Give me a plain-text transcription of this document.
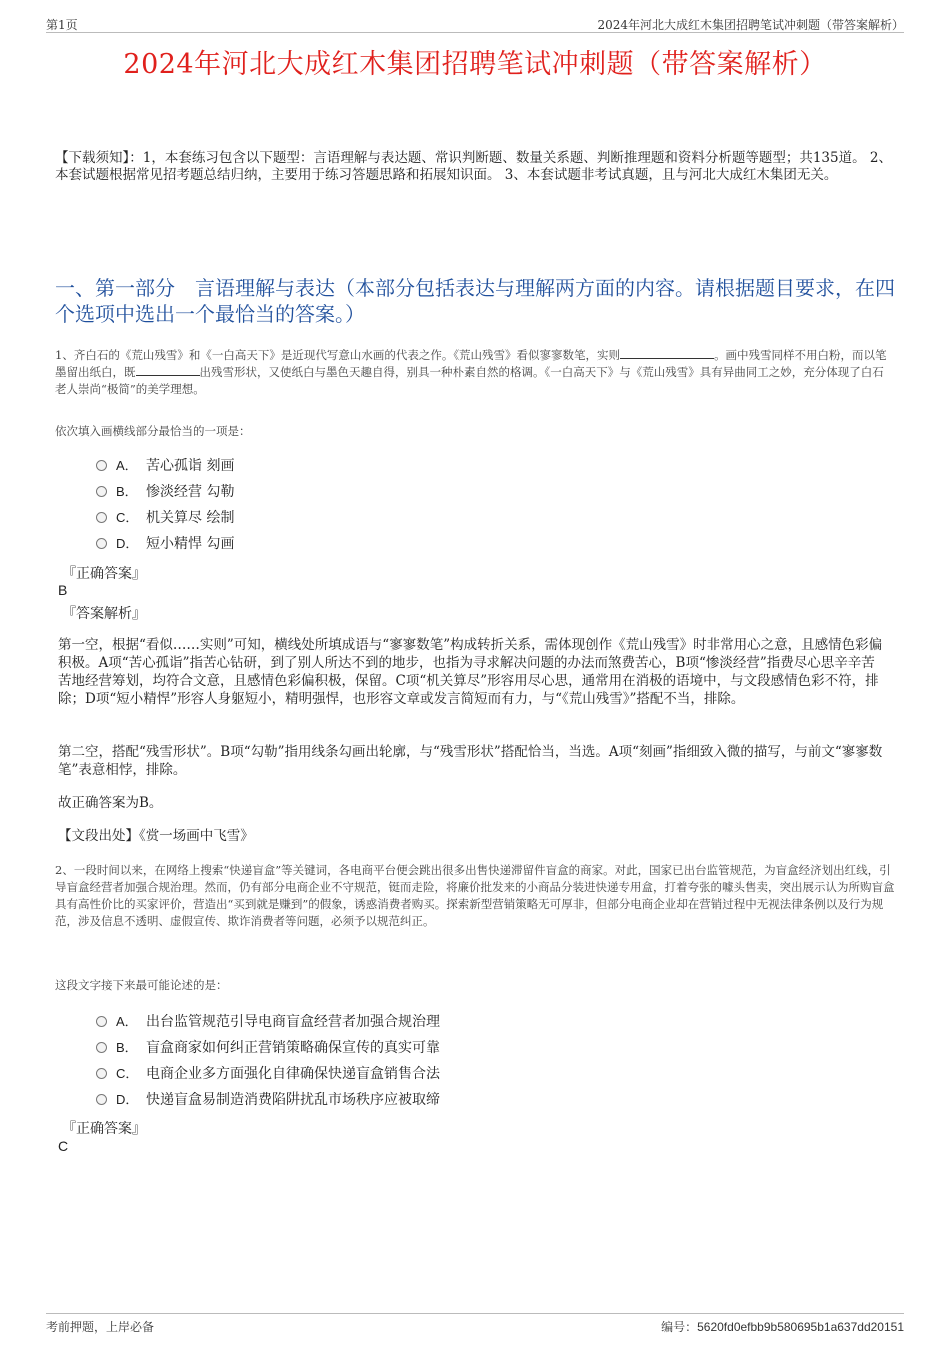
第1页	2024年河北大成红木集团招聘笔试冲刺题（带答案解析）
2024年河北大成红木集团招聘笔试冲刺题（带答案解析）
【下载须知】：1，本套练习包含以下题型：言语理解与表达题、常识判断题、数量关系题、判断推理题和资料分析题等题型；共135道。 2、本套试题根据常见招考题总结归纳，主要用于练习答题思路和拓展知识面。 3、本套试题非考试真题，且与河北大成红木集团无关。
一、第一部分　言语理解与表达（本部分包括表达与理解两方面的内容。请根据题目要求，在四个选项中选出一个最恰当的答案。）
1、齐白石的《荒山残雪》和《一白高天下》是近现代写意山水画的代表之作。《荒山残雪》看似寥寥数笔，实则	。画中残雪同样不用白粉，而以笔墨留出纸白，既	出残雪形状，又使纸白与墨色天趣自得，别具一种朴素自然的格调。《一白高天下》与《荒山残雪》具有异曲同工之妙，充分体现了白石老人崇尚“极简”的美学理想。
依次填入画横线部分最恰当的一项是：
A． 苦心孤诣 刻画
B． 惨淡经营 勾勒
C． 机关算尽 绘制
D． 短小精悍 勾画
『正确答案』
B
『答案解析』

第一空，根据“看似……实则”可知，横线处所填成语与“寥寥数笔”构成转折关系，需体现创作《荒山残雪》时非常用心之意，且感情色彩偏积极。A项“苦心孤诣”指苦心钻研，到了别人所达不到的地步，也指为寻求解决问题的办法而煞费苦心，B项“惨淡经营”指费尽心思辛辛苦苦地经营筹划，均符合文意，且感情色彩偏积极，保留。C项“机关算尽”形容用尽心思，通常用在消极的语境中，与文段感情色彩不符，排除；D项“短小精悍”形容人身躯短小，精明强悍，也形容文章或发言简短而有力，与“《荒山残雪》”搭配不当，排除。

第二空，搭配“残雪形状”。B项“勾勒”指用线条勾画出轮廓，与“残雪形状”搭配恰当，当选。A项“刻画”指细致入微的描写，与前文“寥寥数笔”表意相悖，排除。

故正确答案为B。

【文段出处】《赏一场画中飞雪》

2、一段时间以来，在网络上搜索“快递盲盒”等关键词，各电商平台便会跳出很多出售快递滞留件盲盒的商家。对此，国家已出台监管规范，为盲盒经济划出红线，引导盲盒经营者加强合规治理。然而，仍有部分电商企业不守规范，铤而走险，将廉价批发来的小商品分装进快递专用盒，打着夸张的噱头售卖，突出展示认为所购盲盒具有高性价比的买家评价，营造出“买到就是赚到”的假象，诱惑消费者购买。探索新型营销策略无可厚非，但部分电商企业却在营销过程中无视法律条例以及行为规范，涉及信息不透明、虚假宣传、欺诈消费者等问题，必须予以规范纠正。
这段文字接下来最可能论述的是：
A． 出台监管规范引导电商盲盒经营者加强合规治理
B． 盲盒商家如何纠正营销策略确保宣传的真实可靠
C． 电商企业多方面强化自律确保快递盲盒销售合法
D． 快递盲盒易制造消费陷阱扰乱市场秩序应被取缔
『正确答案』
C
考前押题，上岸必备	编号：5620fd0efbb9b580695b1a637dd20151
